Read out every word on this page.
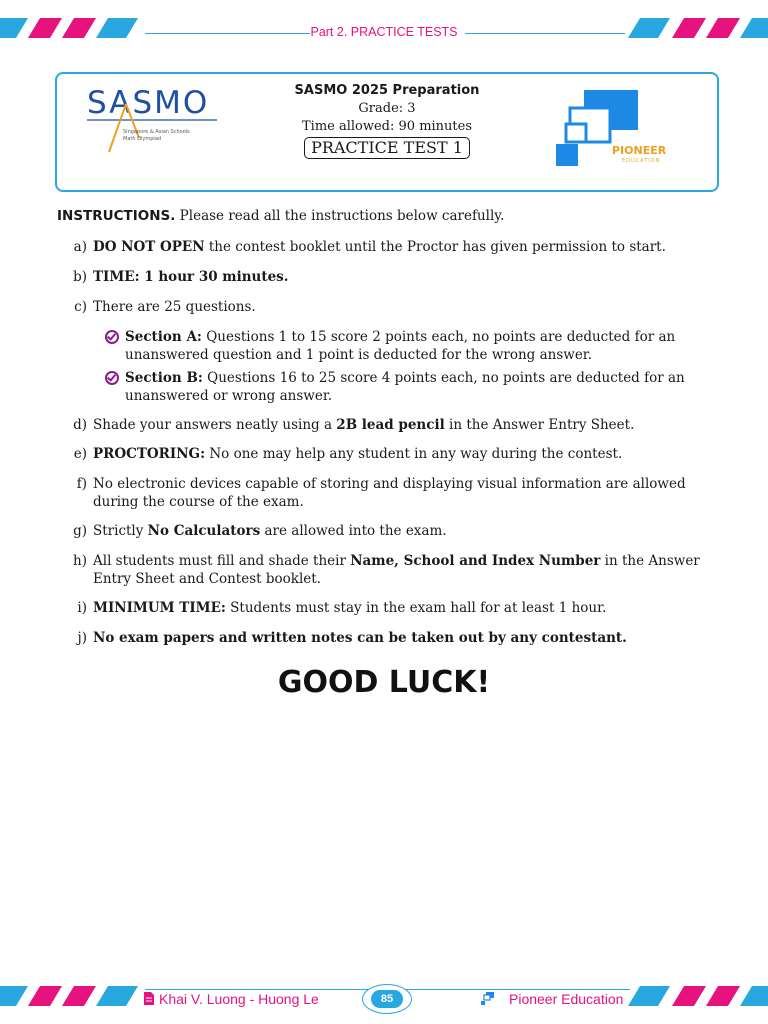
Part 2. PRACTICE TESTS
SASMO
Singapore & Asian Schools Math Olympiad
SASMO 2025 Preparation
Grade: 3
Time allowed: 90 minutes
PRACTICE TEST 1	PIONEER
EDUCATION
INSTRUCTIONS. Please read all the instructions below carefully.
a) DO NOT OPEN the contest booklet until the Proctor has given permission to start.
b) TIME: 1 hour 30 minutes.
c) There are 25 questions.
Section A: Questions 1 to 15 score 2 points each, no points are deducted for an unanswered question and 1 point is deducted for the wrong answer.
Section B: Questions 16 to 25 score 4 points each, no points are deducted for an unanswered or wrong answer.
d) Shade your answers neatly using a 2B lead pencil in the Answer Entry Sheet.
e) PROCTORING: No one may help any student in any way during the contest.
f) No electronic devices capable of storing and displaying visual information are allowed during the course of the exam.
g) Strictly No Calculators are allowed into the exam.
h) All students must fill and shade their Name, School and Index Number in the Answer Entry Sheet and Contest booklet.
i) MINIMUM TIME: Students must stay in the exam hall for at least 1 hour.
j) No exam papers and written notes can be taken out by any contestant.
GOOD LUCK!
Khai V. Luong - Huong Le	85	Pioneer Education
